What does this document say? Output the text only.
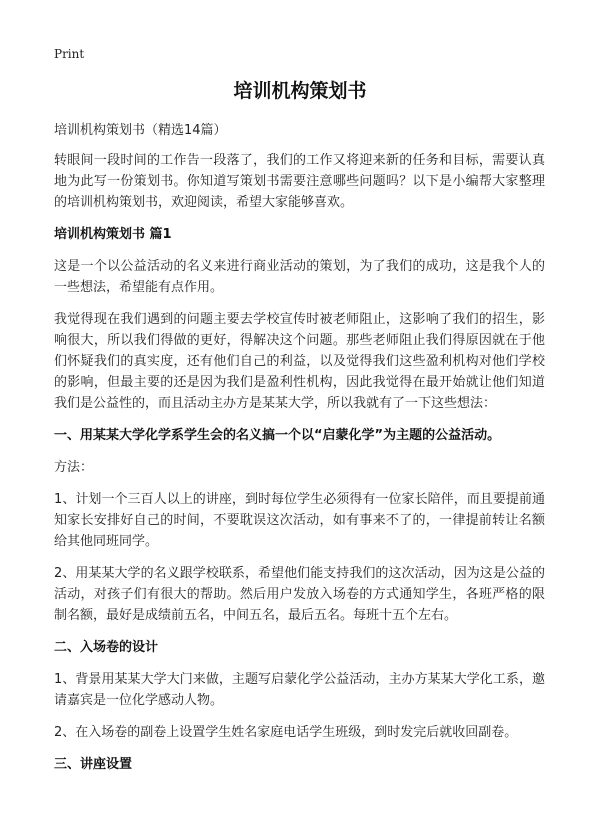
Print
培训机构策划书

培训机构策划书（精选14篇）

转眼间一段时间的工作告一段落了，我们的工作又将迎来新的任务和目标，需要认真地为此写一份策划书。你知道写策划书需要注意哪些问题吗？以下是小编帮大家整理的培训机构策划书，欢迎阅读，希望大家能够喜欢。

培训机构策划书 篇1

这是一个以公益活动的名义来进行商业活动的策划，为了我们的成功，这是我个人的一些想法，希望能有点作用。

我觉得现在我们遇到的问题主要去学校宣传时被老师阻止，这影响了我们的招生，影响很大，所以我们得做的更好，得解决这个问题。那些老师阻止我们得原因就在于他们怀疑我们的真实度，还有他们自己的利益，以及觉得我们这些盈利机构对他们学校的影响，但最主要的还是因为我们是盈利性机构，因此我觉得在最开始就让他们知道我们是公益性的，而且活动主办方是某某大学，所以我就有了一下这些想法：

一、用某某大学化学系学生会的名义搞一个以“启蒙化学”为主题的公益活动。

方法：

1、计划一个三百人以上的讲座，到时每位学生必须得有一位家长陪伴，而且要提前通知家长安排好自己的时间，不要耽误这次活动，如有事来不了的，一律提前转让名额给其他同班同学。

2、用某某大学的名义跟学校联系，希望他们能支持我们的这次活动，因为这是公益的活动，对孩子们有很大的帮助。然后用户发放入场卷的方式通知学生，各班严格的限制名额，最好是成绩前五名，中间五名，最后五名。每班十五个左右。

二、入场卷的设计

1、背景用某某大学大门来做，主题写启蒙化学公益活动，主办方某某大学化工系，邀请嘉宾是一位化学感动人物。

2、在入场卷的副卷上设置学生姓名家庭电话学生班级，到时发完后就收回副卷。

三、讲座设置
